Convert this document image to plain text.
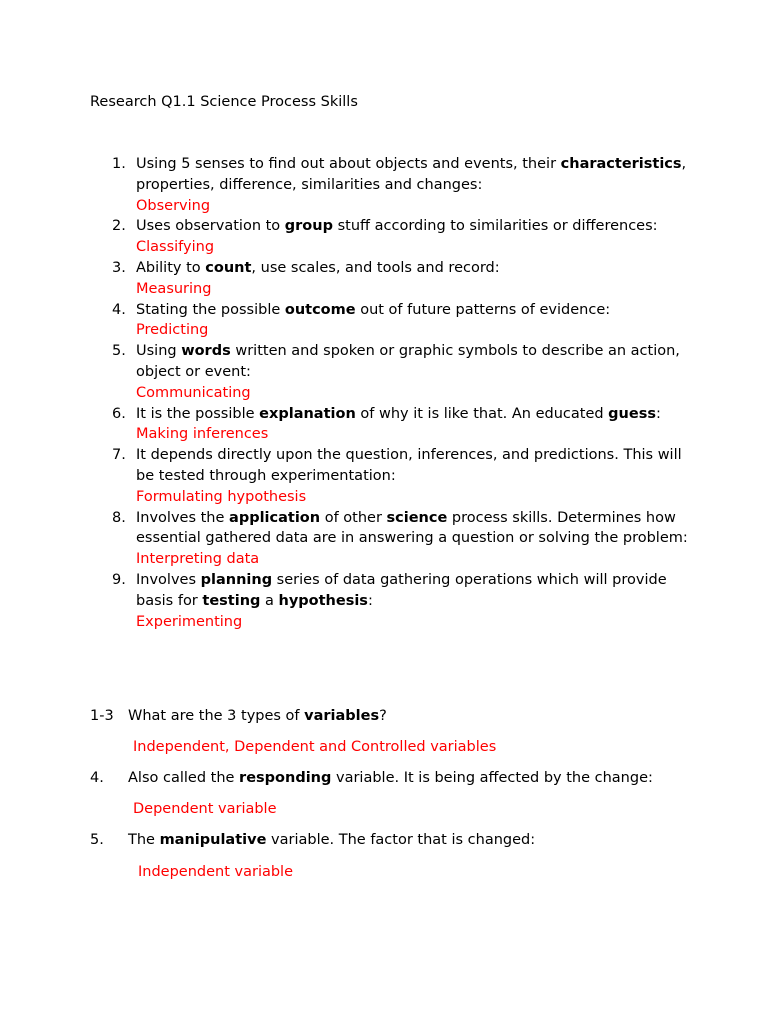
Research Q1.1 Science Process Skills
1. Using 5 senses to find out about objects and events, their characteristics, properties, difference, similarities and changes:
Observing
2. Uses observation to group stuff according to similarities or differences:
Classifying
3. Ability to count, use scales, and tools and record:
Measuring
4. Stating the possible outcome out of future patterns of evidence:
Predicting
5. Using words written and spoken or graphic symbols to describe an action, object or event:
Communicating
6. It is the possible explanation of why it is like that. An educated guess:
Making inferences
7. It depends directly upon the question, inferences, and predictions. This will be tested through experimentation:
Formulating hypothesis
8. Involves the application of other science process skills. Determines how essential gathered data are in answering a question or solving the problem:
Interpreting data
9. Involves planning series of data gathering operations which will provide basis for testing a hypothesis:
Experimenting
1-3 What are the 3 types of variables?
Independent, Dependent and Controlled variables
4. Also called the responding variable. It is being affected by the change:
Dependent variable
5. The manipulative variable. The factor that is changed:
Independent variable
